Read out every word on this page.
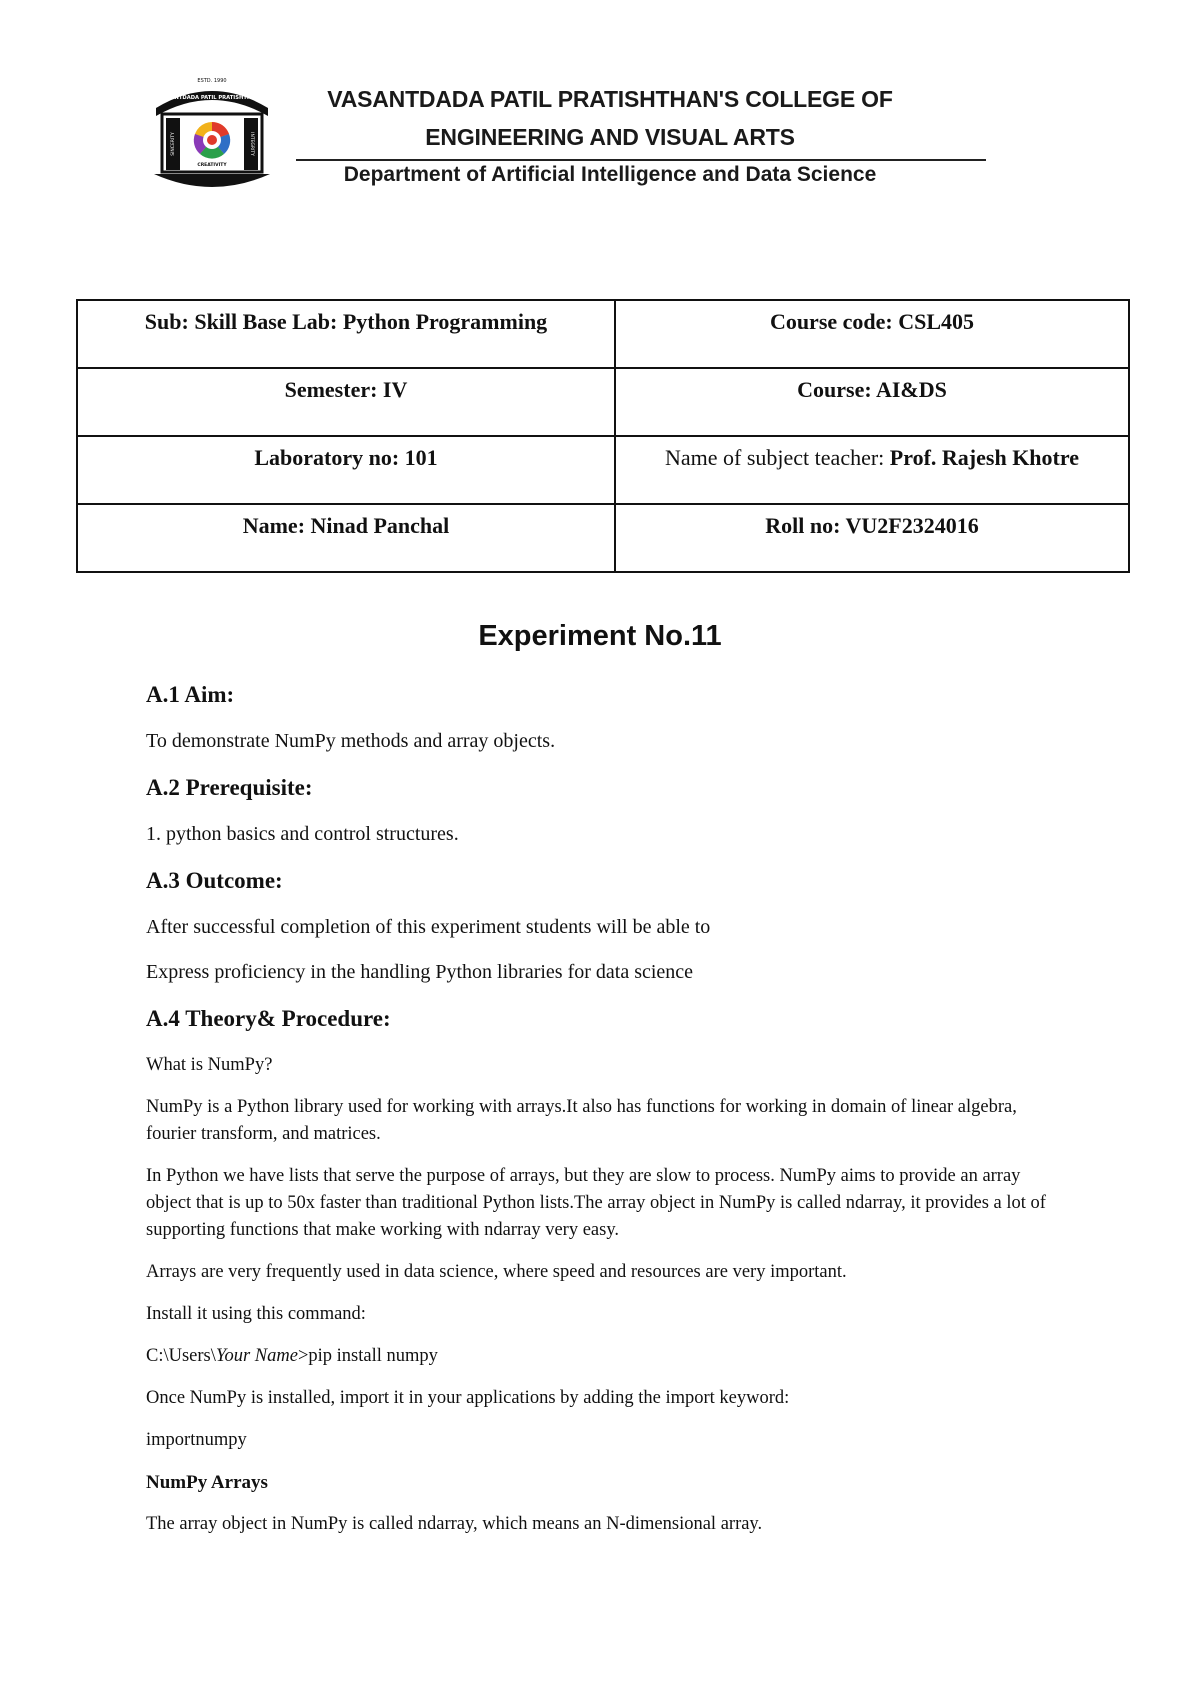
ESTD. 1990
VASANTDADA PATIL PRATISHTHAN'S
SINCERITY	INTEGRITY
CREATIVITY
VASANTDADA PATIL PRATISHTHAN'S COLLEGE OF
ENGINEERING AND VISUAL ARTS
Department of Artificial Intelligence and Data Science
Sub: Skill Base Lab: Python Programming	Course code: CSL405
Semester: IV	Course: AI&DS
Laboratory no: 101	Name of subject teacher: Prof. Rajesh Khotre
Name: Ninad Panchal	Roll no: VU2F2324016
Experiment No.11
A.1 Aim:
To demonstrate NumPy methods and array objects.
A.2 Prerequisite:
1. python basics and control structures.
A.3 Outcome:
After successful completion of this experiment students will be able to
Express proficiency in the handling Python libraries for data science
A.4 Theory& Procedure:
What is NumPy?
NumPy is a Python library used for working with arrays.It also has functions for working in domain of linear algebra, fourier transform, and matrices.
In Python we have lists that serve the purpose of arrays, but they are slow to process. NumPy aims to provide an array object that is up to 50x faster than traditional Python lists.The array object in NumPy is called ndarray, it provides a lot of supporting functions that make working with ndarray very easy.
Arrays are very frequently used in data science, where speed and resources are very important.
Install it using this command:
C:\Users\Your Name>pip install numpy
Once NumPy is installed, import it in your applications by adding the import keyword:
importnumpy
NumPy Arrays
The array object in NumPy is called ndarray, which means an N-dimensional array.
